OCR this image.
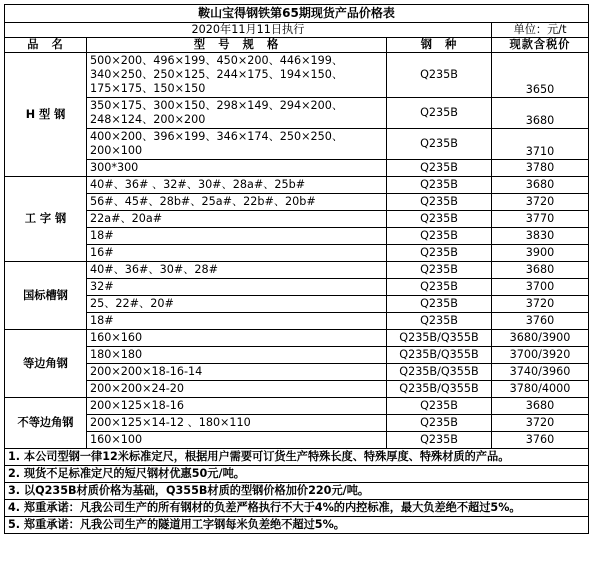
鞍山宝得钢铁第65期现货产品价格表			
2020年11月11日执行			单位：元/t
品　名	型　号　规　格	钢　种	现款含税价
H 型 钢	500×200、496×199、450×200、446×199、340×250、250×125、244×175、194×150、175×175、150×150	Q235B	3650
	350×175、300×150、298×149、294×200、248×124、200×200	Q235B	3680
	400×200、396×199、346×174、250×250、200×100	Q235B	3710
	300*300	Q235B	3780
工 字 钢	40#、36# 、32#、30#、28a#、25b#	Q235B	3680
	56#、45#、28b#、25a#、22b#、20b#	Q235B	3720
	22a#、20a#	Q235B	3770
	18#	Q235B	3830
	16#	Q235B	3900
国标槽钢	40#、36#、30#、28#	Q235B	3680
	32#	Q235B	3700
	25、22#、20#	Q235B	3720
	18#	Q235B	3760
等边角钢	160×160	Q235B/Q355B	3680/3900
	180×180	Q235B/Q355B	3700/3920
	200×200×18-16-14	Q235B/Q355B	3740/3960
	200×200×24-20	Q235B/Q355B	3780/4000
不等边角钢	200×125×18-16	Q235B	3680
	200×125×14-12 、180×110	Q235B	3720
	160×100	Q235B	3760
1. 本公司型钢一律12米标准定尺，根据用户需要可订货生产特殊长度、特殊厚度、特殊材质的产品。			
2. 现货不足标准定尺的短尺钢材优惠50元/吨。			
3. 以Q235B材质价格为基础，Q355B材质的型钢价格加价220元/吨。			
4. 郑重承诺：凡我公司生产的所有钢材的负差严格执行不大于4%的内控标准，最大负差绝不超过5%。			
5. 郑重承诺：凡我公司生产的隧道用工字钢每米负差绝不超过5%。			
